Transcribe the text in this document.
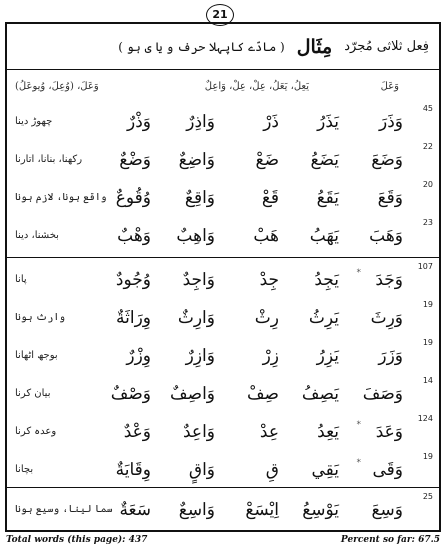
21
فِعل ثلاثی مُجرّد
مِثَال
( مادّے کاپہلا حرف و یا ی ہو )
وَعَلَ
يَعِلُ، يَعَلُ، عِلْ، عِلْ، وَاعِلٌ
وَعَلَ، (وُعِلَ، وُيوعَلُ)
45
وَذَرَ
يَذَرُ
ذَرْ
وَاذِرٌ
وَذْرٌ
چھوڑ دینا
22
وَضَعَ
يَضَعُ
ضَعْ
وَاضِعٌ
وَضْعٌ
رکھنا، بنانا، اتارنا
20
وَقَعَ
يَقَعُ
قَعْ
وَاقِعٌ
وُقُوعٌ
واقع ہونا، لازم ہونا
23
وَهَبَ
يَهَبُ
هَبْ
وَاهِبٌ
وَهْبٌ
بخشنا، دینا
107
* وَجَدَ
يَجِدُ
جِدْ
وَاجِدٌ
وُجُودٌ
پانا
19
وَرِثَ
يَرِثُ
رِثْ
وَارِثٌ
وِرَاثَةٌ
وارث ہونا
19
وَزَرَ
يَزِرُ
زِرْ
وَازِرٌ
وِزْرٌ
بوجھ اٹھانا
14
وَصَفَ
يَصِفُ
صِفْ
وَاصِفٌ
وَصْفٌ
بیان کرنا
124
* وَعَدَ
يَعِدُ
عِدْ
وَاعِدٌ
وَعْدٌ
وعدہ کرنا
19
* وَقَى
يَقِي
قِ
وَاقٍ
وِقَايَةٌ
بچانا
25
وَسِعَ
يَوْسِعُ
اِيْسَعْ
وَاسِعٌ
سَعَةٌ
سما لینا، وسیع ہونا
Total words (this page): 437	Percent so far: 67.5
